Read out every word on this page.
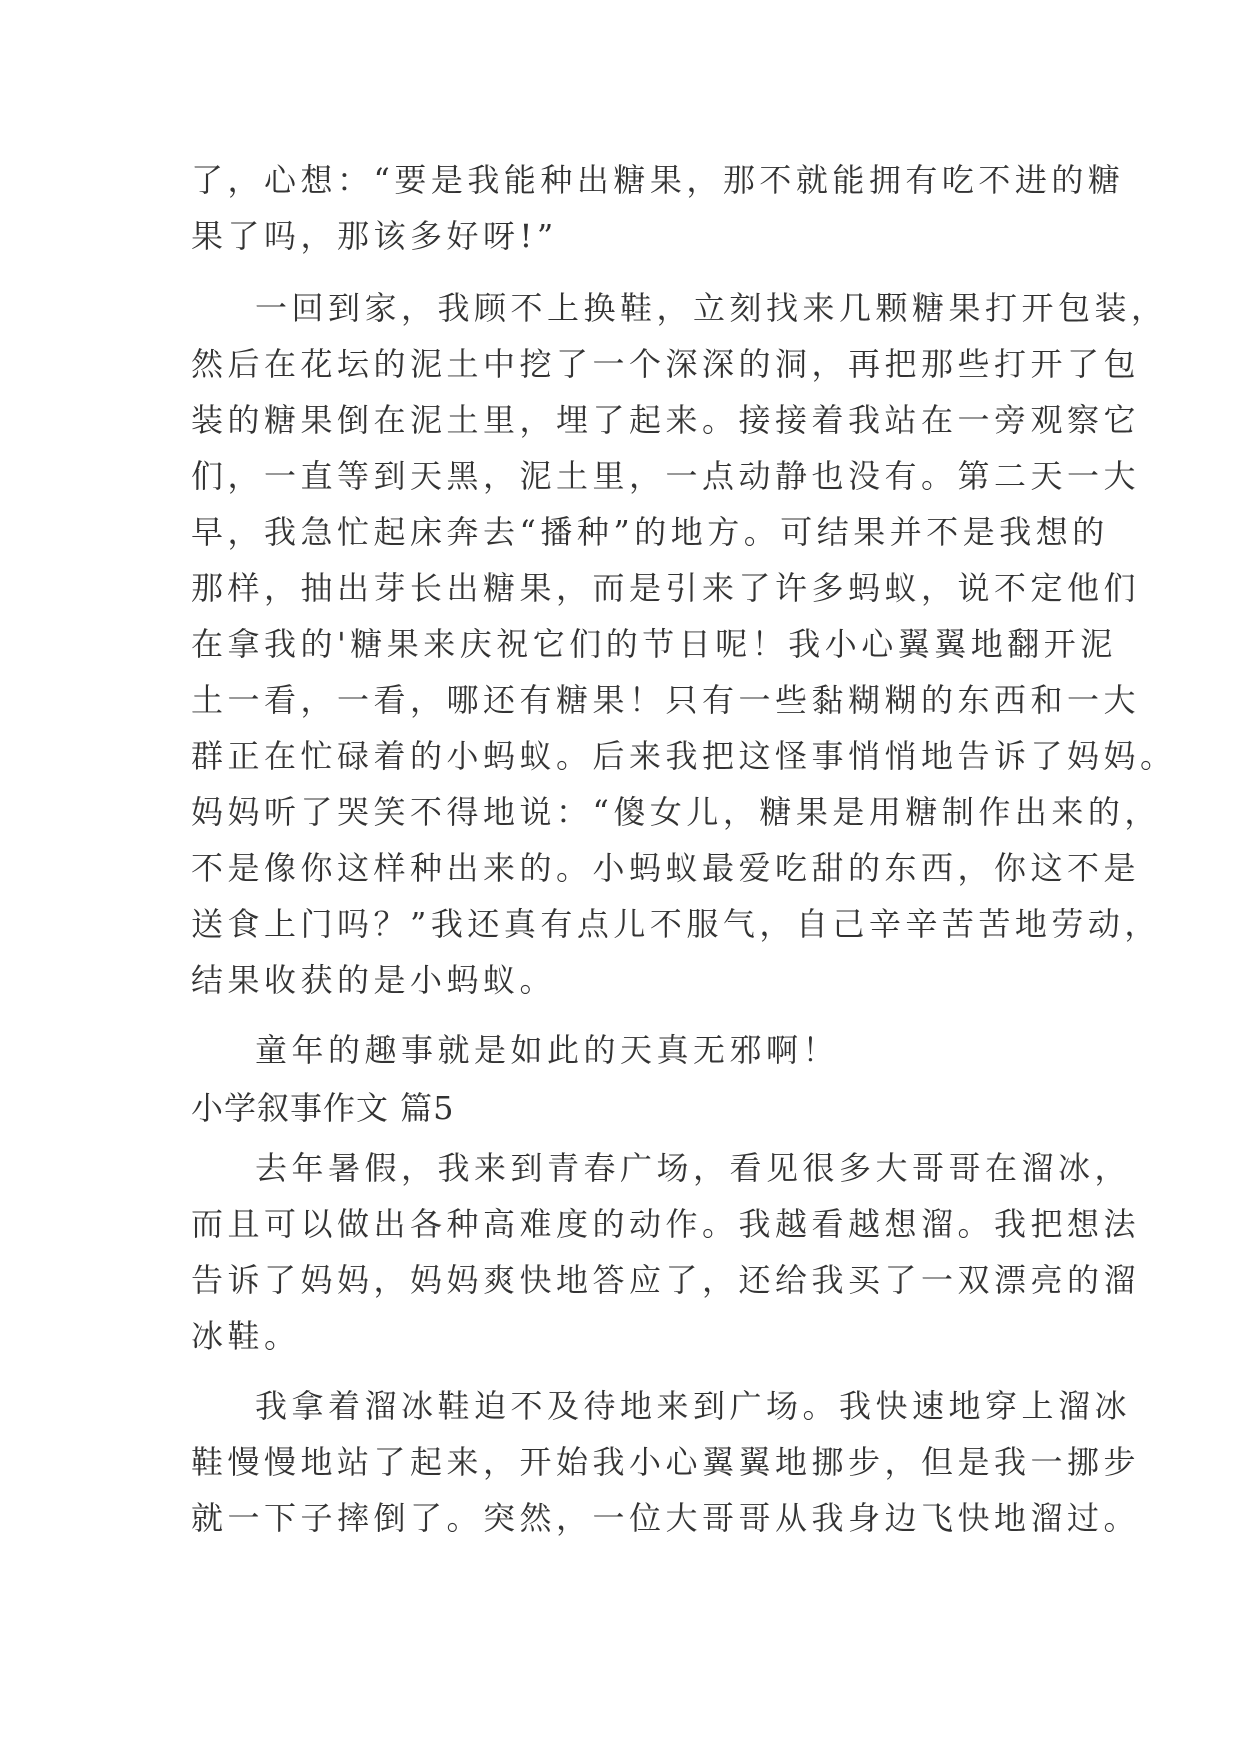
了，心想：“要是我能种出糖果，那不就能拥有吃不进的糖
果了吗，那该多好呀!”
一回到家，我顾不上换鞋，立刻找来几颗糖果打开包装，
然后在花坛的泥土中挖了一个深深的洞，再把那些打开了包
装的糖果倒在泥土里，埋了起来。接接着我站在一旁观察它
们，一直等到天黑，泥土里，一点动静也没有。第二天一大
早，我急忙起床奔去“播种”的地方。可结果并不是我想的
那样，抽出芽长出糖果，而是引来了许多蚂蚁，说不定他们
在拿我的'糖果来庆祝它们的节日呢！我小心翼翼地翻开泥
土一看，一看，哪还有糖果！只有一些黏糊糊的东西和一大
群正在忙碌着的小蚂蚁。后来我把这怪事悄悄地告诉了妈妈。
妈妈听了哭笑不得地说：“傻女儿，糖果是用糖制作出来的，
不是像你这样种出来的。小蚂蚁最爱吃甜的东西，你这不是
送食上门吗？”我还真有点儿不服气，自己辛辛苦苦地劳动，
结果收获的是小蚂蚁。
童年的趣事就是如此的天真无邪啊！
小学叙事作文 篇5
去年暑假，我来到青春广场，看见很多大哥哥在溜冰，
而且可以做出各种高难度的动作。我越看越想溜。我把想法
告诉了妈妈，妈妈爽快地答应了，还给我买了一双漂亮的溜
冰鞋。
我拿着溜冰鞋迫不及待地来到广场。我快速地穿上溜冰
鞋慢慢地站了起来，开始我小心翼翼地挪步，但是我一挪步
就一下子摔倒了。突然，一位大哥哥从我身边飞快地溜过。
